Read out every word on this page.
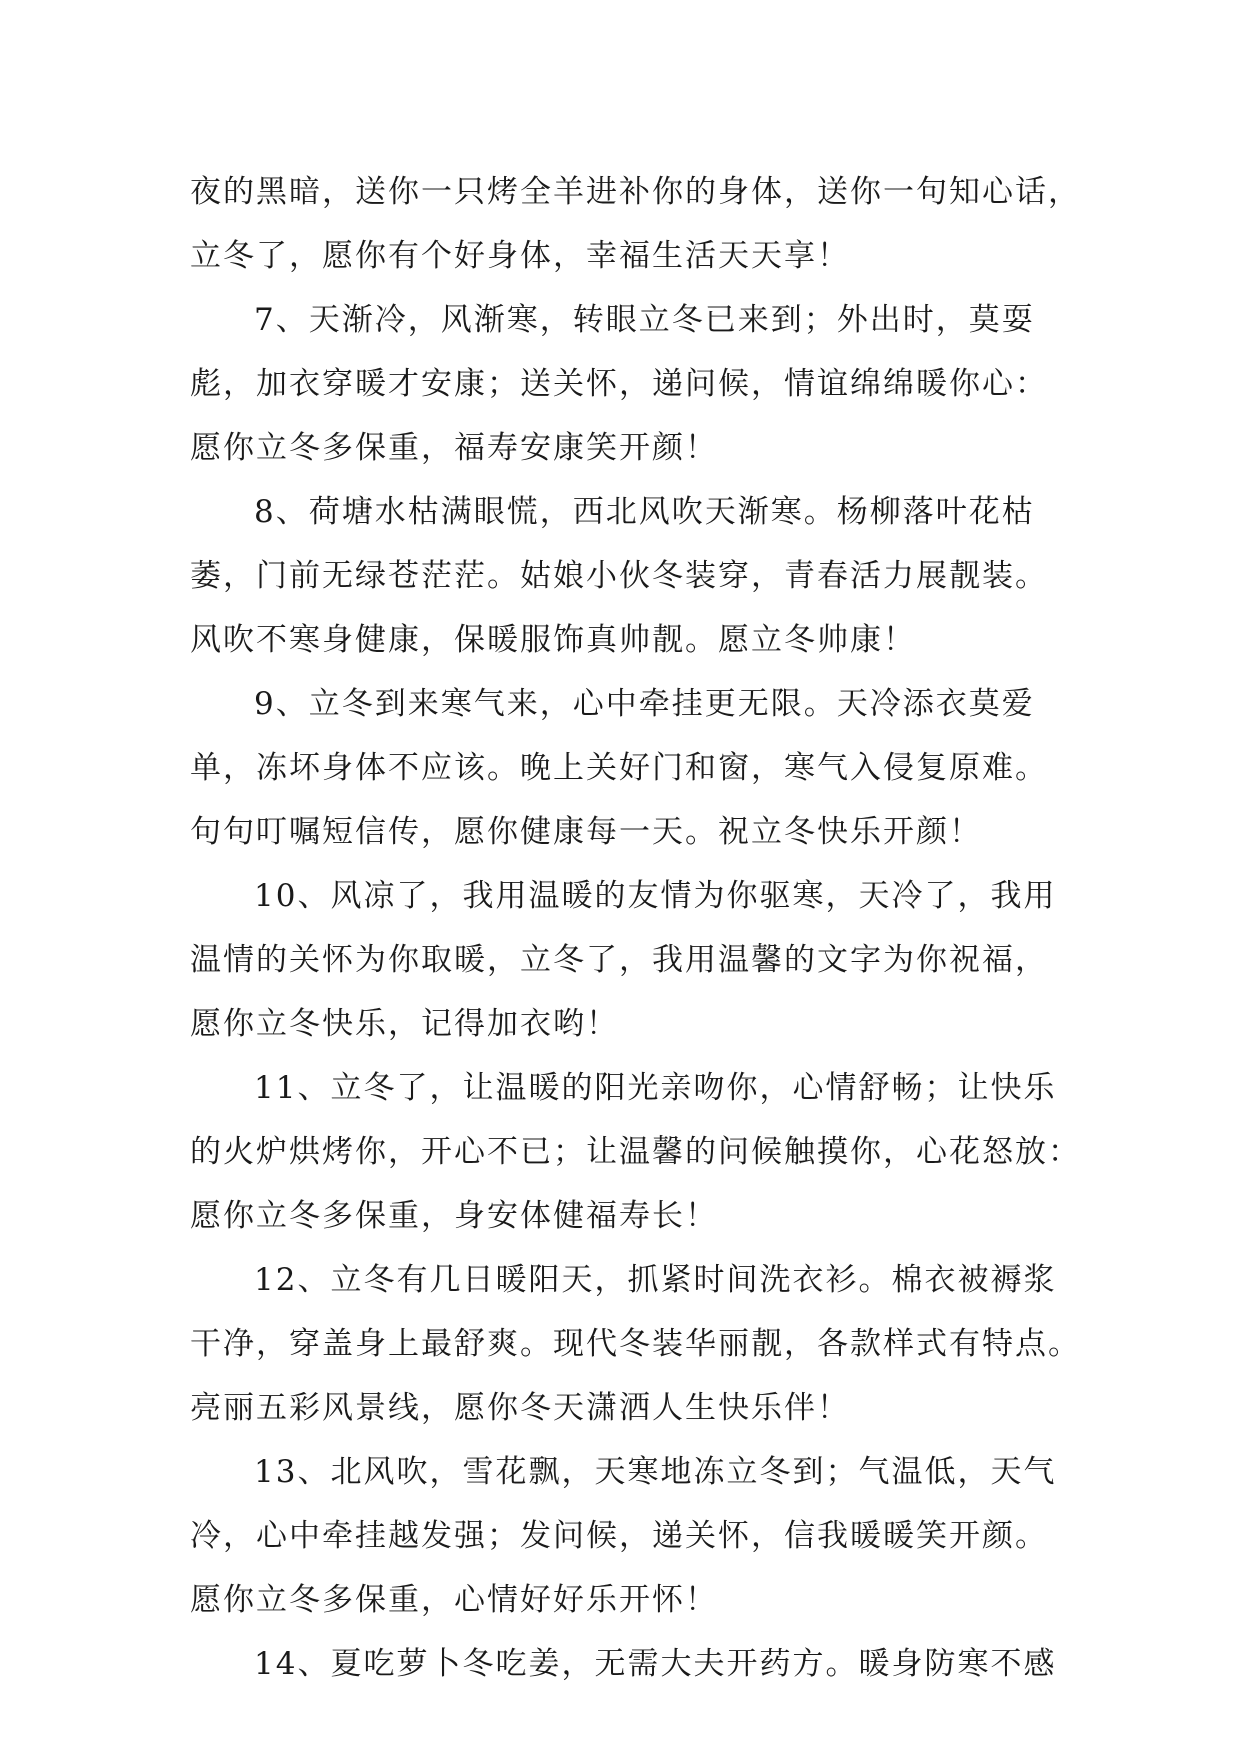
夜的黑暗，送你一只烤全羊进补你的身体，送你一句知心话，

立冬了，愿你有个好身体，幸福生活天天享！

7、天渐冷，风渐寒，转眼立冬已来到；外出时，莫耍

彪，加衣穿暖才安康；送关怀，递问候，情谊绵绵暖你心：

愿你立冬多保重，福寿安康笑开颜！

8、荷塘水枯满眼慌，西北风吹天渐寒。杨柳落叶花枯

萎，门前无绿苍茫茫。姑娘小伙冬装穿，青春活力展靓装。

风吹不寒身健康，保暖服饰真帅靓。愿立冬帅康！

9、立冬到来寒气来，心中牵挂更无限。天冷添衣莫爱

单，冻坏身体不应该。晚上关好门和窗，寒气入侵复原难。

句句叮嘱短信传，愿你健康每一天。祝立冬快乐开颜！

10、风凉了，我用温暖的友情为你驱寒，天冷了，我用

温情的关怀为你取暖，立冬了，我用温馨的文字为你祝福，

愿你立冬快乐，记得加衣哟！

11、立冬了，让温暖的阳光亲吻你，心情舒畅；让快乐

的火炉烘烤你，开心不已；让温馨的问候触摸你，心花怒放：

愿你立冬多保重，身安体健福寿长！

12、立冬有几日暖阳天，抓紧时间洗衣衫。棉衣被褥浆

干净，穿盖身上最舒爽。现代冬装华丽靓，各款样式有特点。

亮丽五彩风景线，愿你冬天潇洒人生快乐伴！

13、北风吹，雪花飘，天寒地冻立冬到；气温低，天气

冷，心中牵挂越发强；发问候，递关怀，信我暖暖笑开颜。

愿你立冬多保重，心情好好乐开怀！

14、夏吃萝卜冬吃姜，无需大夫开药方。暖身防寒不感
